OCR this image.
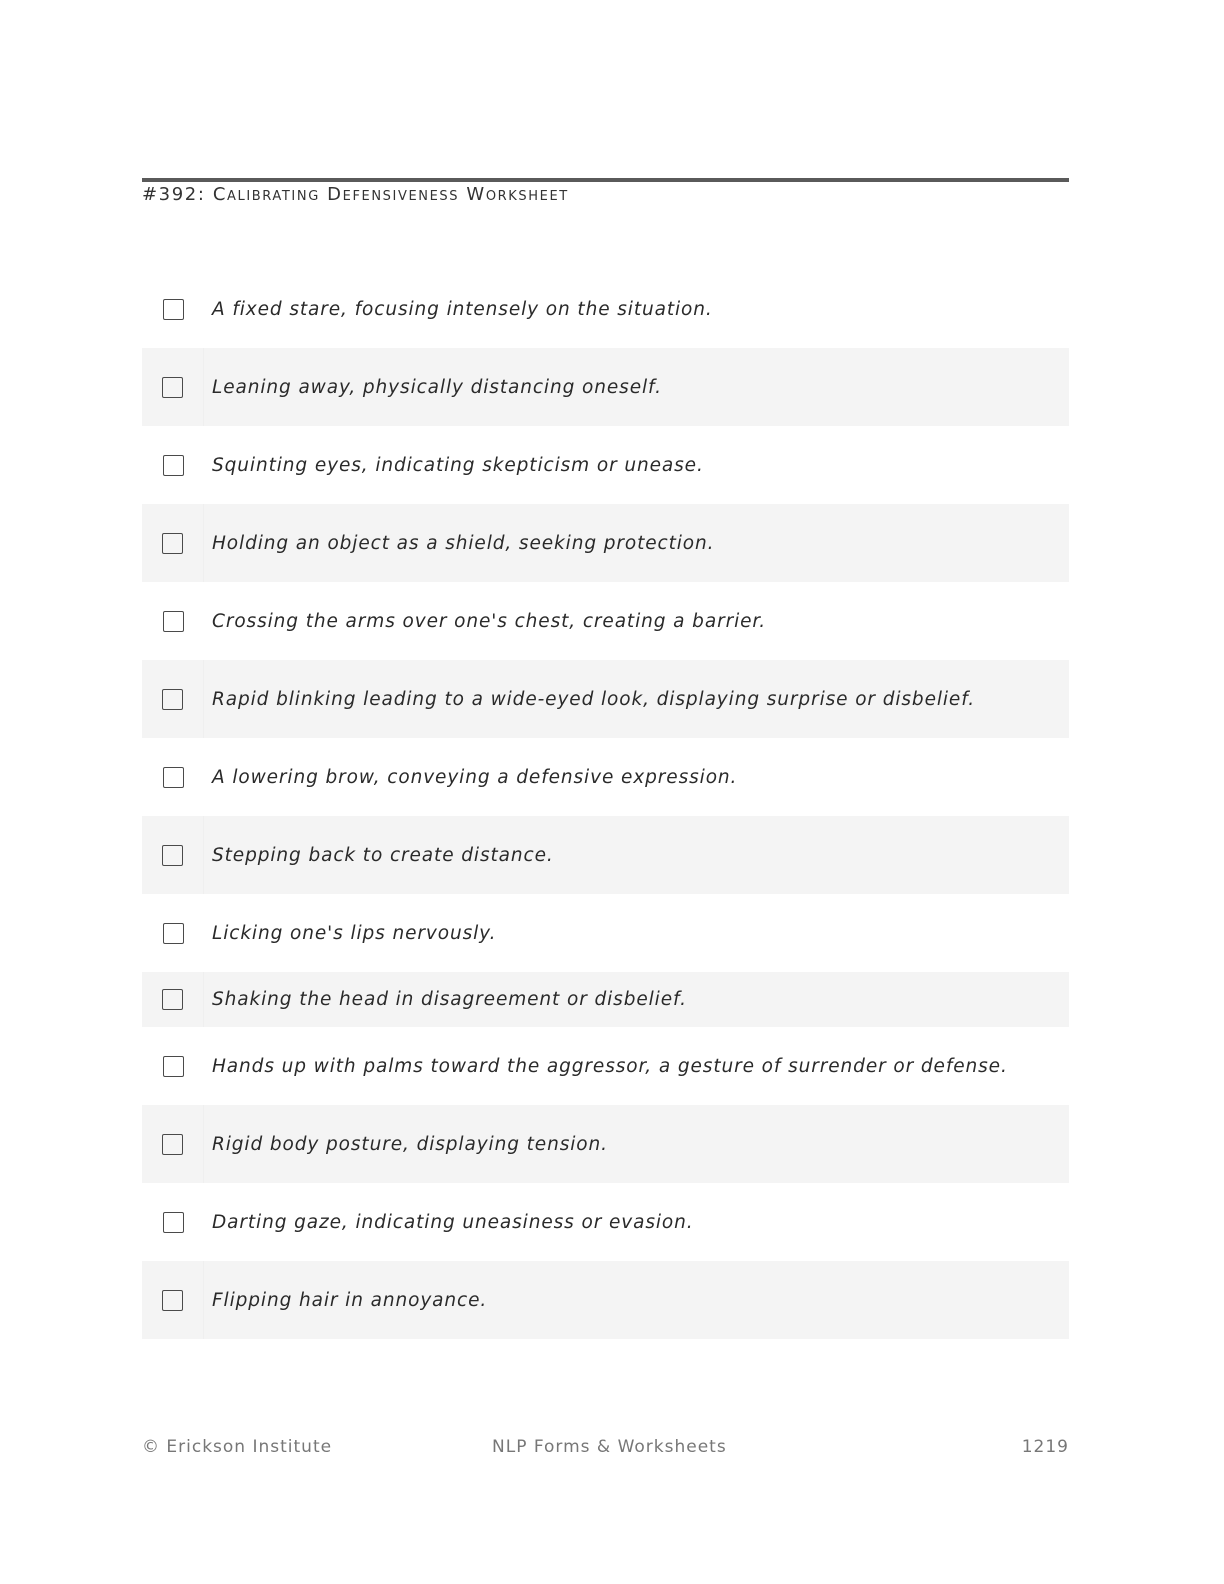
#392: Calibrating Defensiveness Worksheet
A fixed stare, focusing intensely on the situation.
Leaning away, physically distancing oneself.
Squinting eyes, indicating skepticism or unease.
Holding an object as a shield, seeking protection.
Crossing the arms over one's chest, creating a barrier.
Rapid blinking leading to a wide-eyed look, displaying surprise or disbelief.
A lowering brow, conveying a defensive expression.
Stepping back to create distance.
Licking one's lips nervously.
Shaking the head in disagreement or disbelief.
Hands up with palms toward the aggressor, a gesture of surrender or defense.
Rigid body posture, displaying tension.
Darting gaze, indicating uneasiness or evasion.
Flipping hair in annoyance.
© Erickson Institute	NLP Forms & Worksheets	1219
